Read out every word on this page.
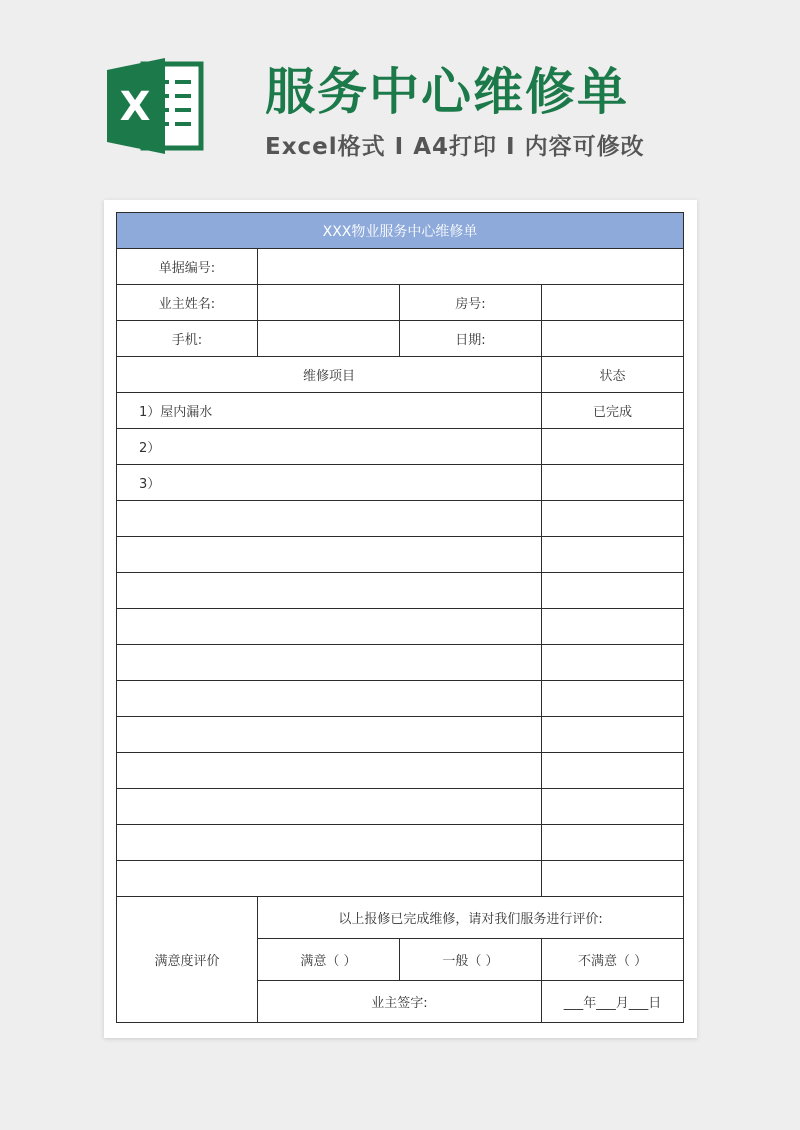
X 服务中心维修单
Excel格式 I A4打印 I 内容可修改
XXX物业服务中心维修单			
单据编号:			
业主姓名:		房号:	
手机:		日期:	
维修项目			状态
1）屋内漏水			已完成
2）			
3）			

满意度评价	以上报修已完成维修，请对我们服务进行评价:		
	满意（ ）	一般（ ）	不满意（ ）
	业主签字:		___年___月___日
